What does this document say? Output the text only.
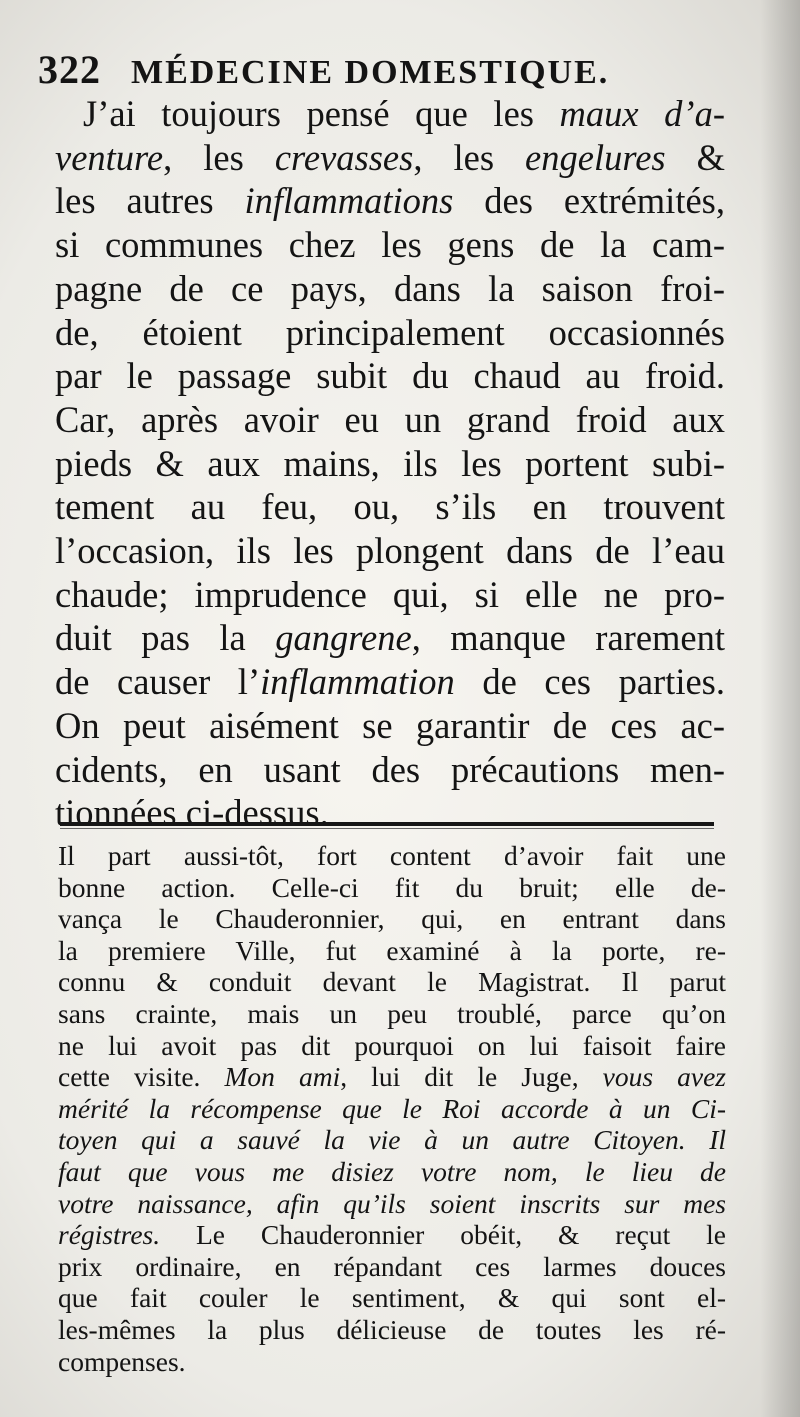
322 MÉDECINE DOMESTIQUE.
J’ai toujours pensé que les maux d’a-
venture, les crevasses, les engelures &
les autres inflammations des extrémités,
si communes chez les gens de la cam-
pagne de ce pays, dans la saison froi-
de, étoient principalement occasionnés
par le passage subit du chaud au froid.
Car, après avoir eu un grand froid aux
pieds & aux mains, ils les portent subi-
tement au feu, ou, s’ils en trouvent
l’occasion, ils les plongent dans de l’eau
chaude; imprudence qui, si elle ne pro-
duit pas la gangrene, manque rarement
de causer l’inflammation de ces parties.
On peut aisément se garantir de ces ac-
cidents, en usant des précautions men-
tionnées ci-dessus.
Il part aussi-tôt, fort content d’avoir fait une
bonne action. Celle-ci fit du bruit; elle de-
vança le Chauderonnier, qui, en entrant dans
la premiere Ville, fut examiné à la porte, re-
connu & conduit devant le Magistrat. Il parut
sans crainte, mais un peu troublé, parce qu’on
ne lui avoit pas dit pourquoi on lui faisoit faire
cette visite. Mon ami, lui dit le Juge, vous avez
mérité la récompense que le Roi accorde à un Ci-
toyen qui a sauvé la vie à un autre Citoyen. Il
faut que vous me disiez votre nom, le lieu de
votre naissance, afin qu’ils soient inscrits sur mes
régistres. Le Chauderonnier obéit, & reçut le
prix ordinaire, en répandant ces larmes douces
que fait couler le sentiment, & qui sont el-
les-mêmes la plus délicieuse de toutes les ré-
compenses.
